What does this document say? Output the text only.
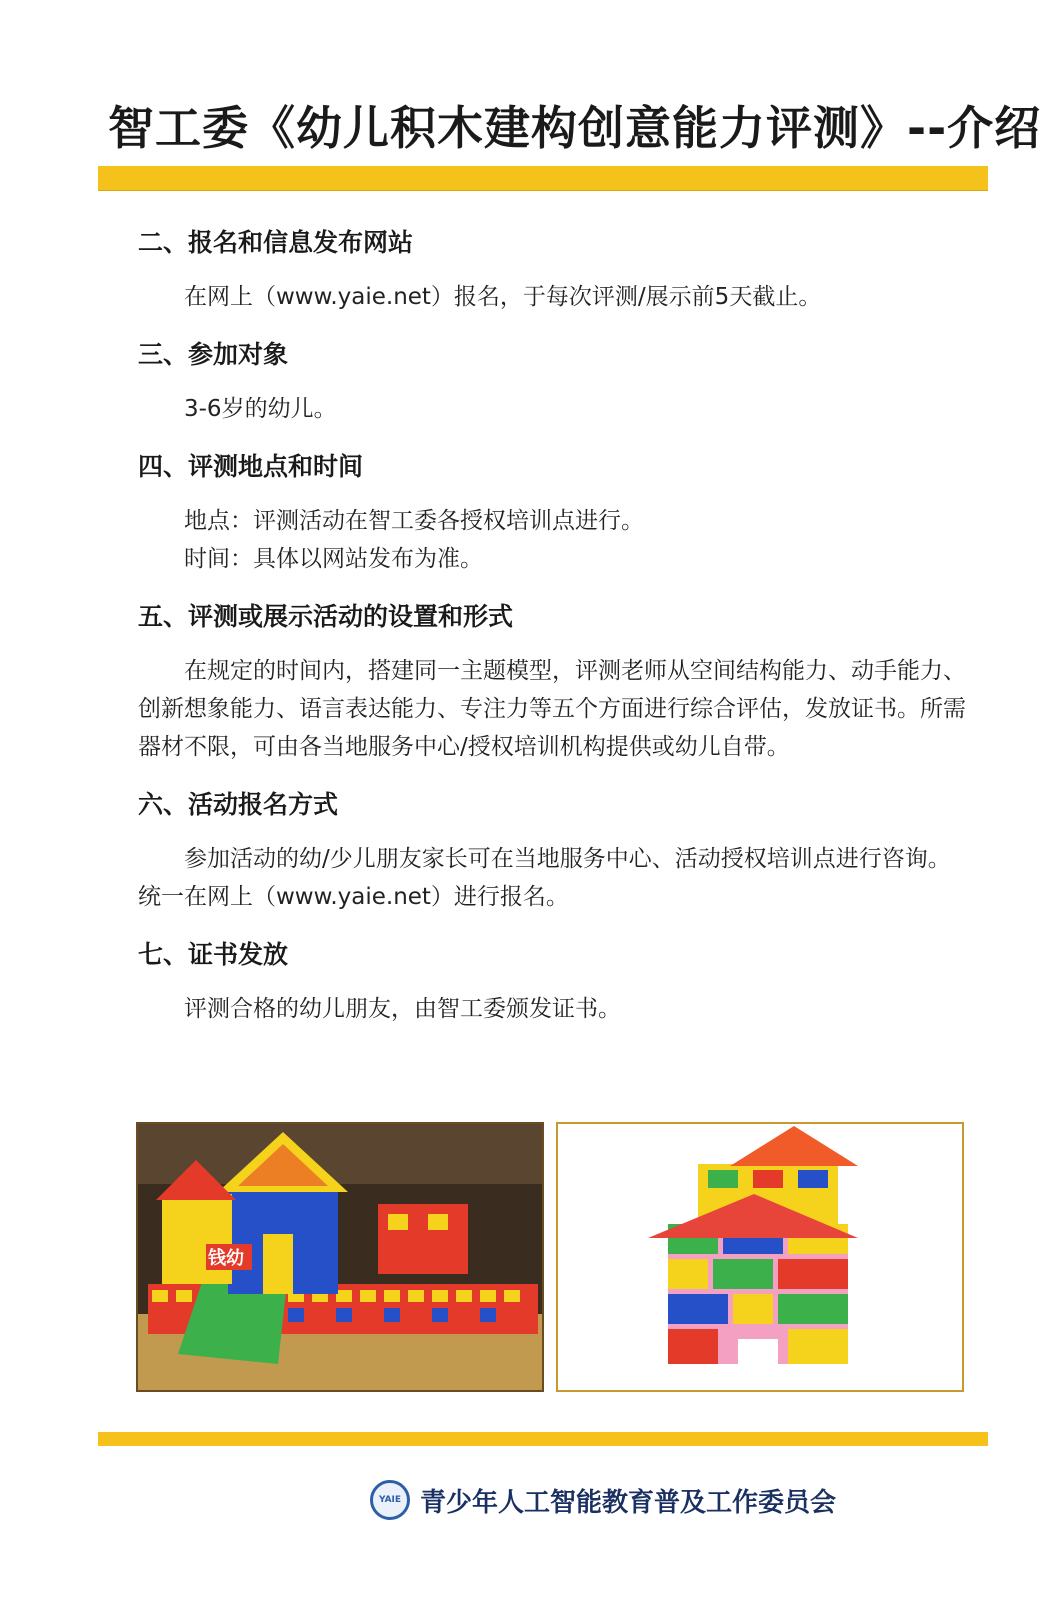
智工委《幼儿积木建构创意能力评测》--介绍
二、报名和信息发布网站
在网上（www.yaie.net）报名，于每次评测/展示前5天截止。
三、参加对象
3-6岁的幼儿。
四、评测地点和时间
地点：评测活动在智工委各授权培训点进行。
时间：具体以网站发布为准。
五、评测或展示活动的设置和形式
在规定的时间内，搭建同一主题模型，评测老师从空间结构能力、动手能力、创新想象能力、语言表达能力、专注力等五个方面进行综合评估，发放证书。所需器材不限，可由各当地服务中心/授权培训机构提供或幼儿自带。
六、活动报名方式
参加活动的幼/少儿朋友家长可在当地服务中心、活动授权培训点进行咨询。统一在网上（www.yaie.net）进行报名。
七、证书发放
评测合格的幼儿朋友，由智工委颁发证书。
钱幼
YAIE 青少年人工智能教育普及工作委员会
